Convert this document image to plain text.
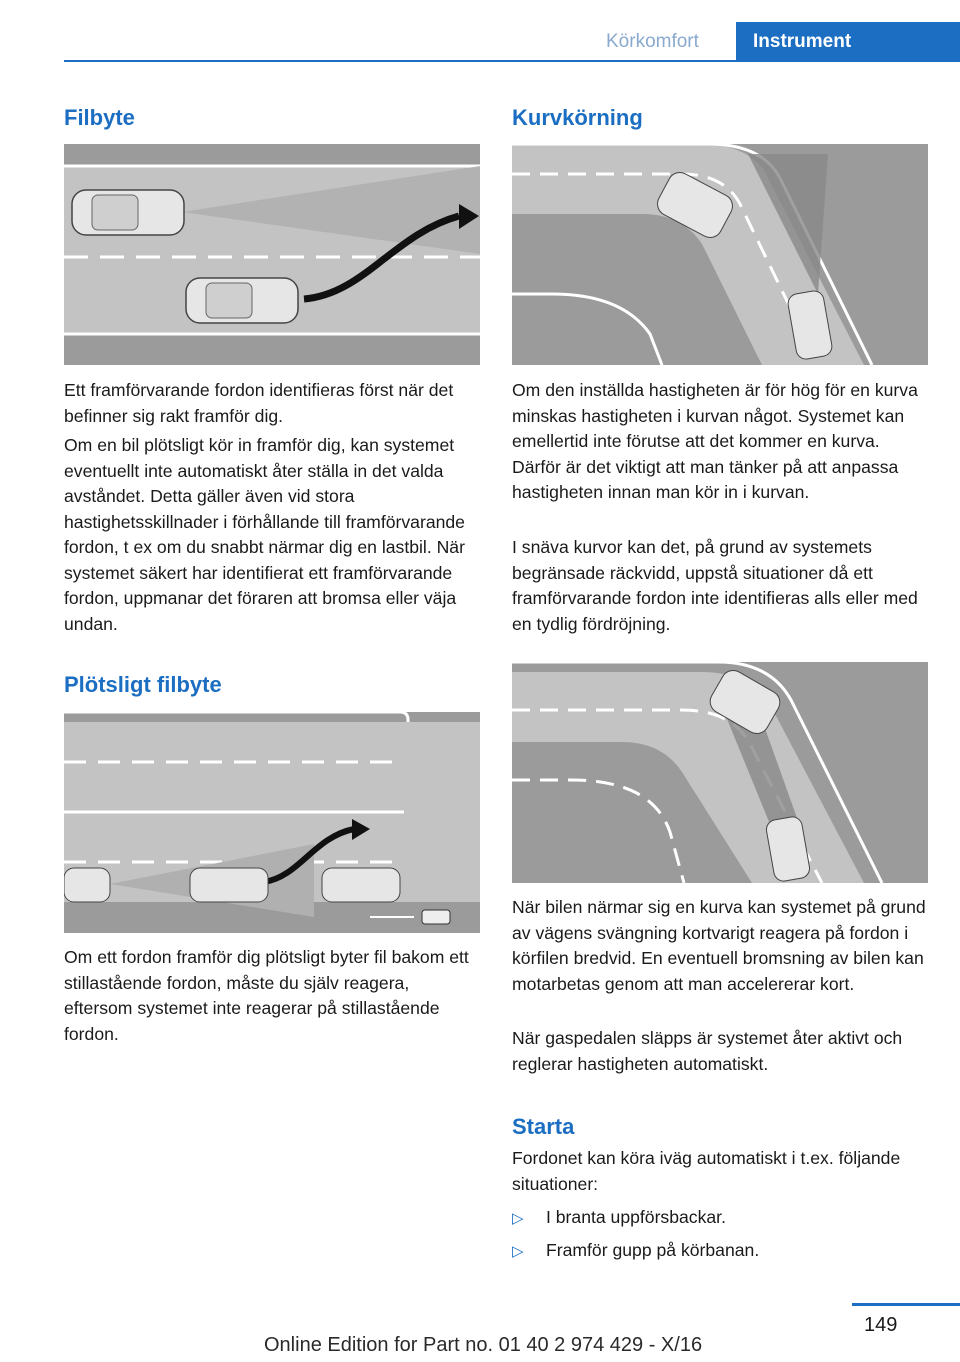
Körkomfort	Instrument
Filbyte

Ett framförvarande fordon identifieras först när det befinner sig rakt framför dig.

Om en bil plötsligt kör in framför dig, kan systemet eventuellt inte automatiskt åter ställa in det valda avståndet. Detta gäller även vid stora hastighetsskillnader i förhållande till framförvarande fordon, t ex om du snabbt närmar dig en lastbil. När systemet säkert har identifierat ett framförvarande fordon, uppmanar det föraren att bromsa eller väja undan.

Plötsligt filbyte

Om ett fordon framför dig plötsligt byter fil bakom ett stillastående fordon, måste du själv reagera, eftersom systemet inte reagerar på stillastående fordon.

Kurvkörning

Om den inställda hastigheten är för hög för en kurva minskas hastigheten i kurvan något. Systemet kan emellertid inte förutse att det kommer en kurva. Därför är det viktigt att man tänker på att anpassa hastigheten innan man kör in i kurvan.

I snäva kurvor kan det, på grund av systemets begränsade räckvidd, uppstå situationer då ett framförvarande fordon inte identifieras alls eller med en tydlig fördröjning.

När bilen närmar sig en kurva kan systemet på grund av vägens svängning kortvarigt reagera på fordon i körfilen bredvid. En eventuell bromsning av bilen kan motarbetas genom att man accelererar kort.

När gaspedalen släpps är systemet åter aktivt och reglerar hastigheten automatiskt.

Starta

Fordonet kan köra iväg automatiskt i t.ex. följande situationer:

▷ I branta uppförsbackar.
▷ Framför gupp på körbanan.
149
Online Edition for Part no. 01 40 2 974 429 - X/16
